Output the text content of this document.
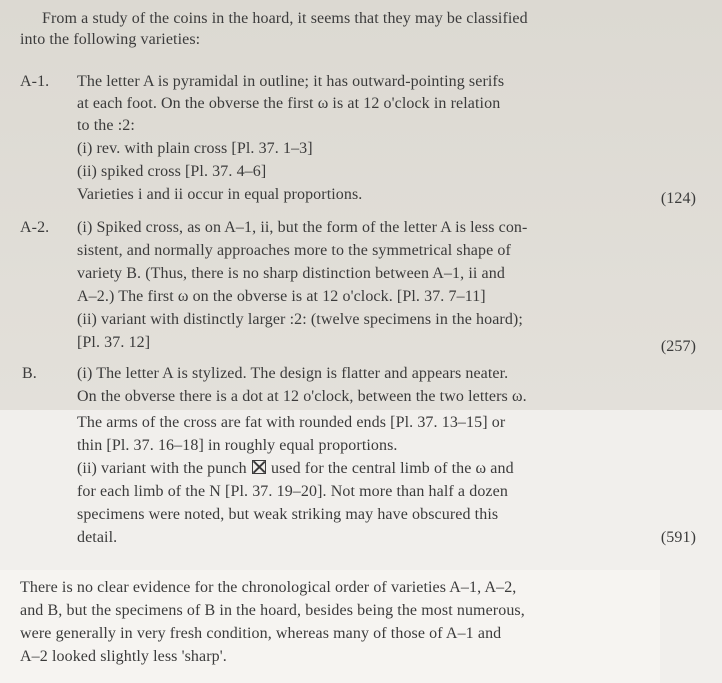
From a study of the coins in the hoard, it seems that they may be classified
into the following varieties:
A-1. The letter A is pyramidal in outline; it has outward-pointing serifs
at each foot. On the obverse the first ω is at 12 o'clock in relation
to the :2:
(i) rev. with plain cross [Pl. 37. 1–3]
(ii) spiked cross [Pl. 37. 4–6]
Varieties i and ii occur in equal proportions.	(124)
A-2. (i) Spiked cross, as on A–1, ii, but the form of the letter A is less con-
sistent, and normally approaches more to the symmetrical shape of
variety B. (Thus, there is no sharp distinction between A–1, ii and
A–2.) The first ω on the obverse is at 12 o'clock. [Pl. 37. 7–11]
(ii) variant with distinctly larger :2: (twelve specimens in the hoard);
[Pl. 37. 12]	(257)
B.	(i) The letter A is stylized. The design is flatter and appears neater.
On the obverse there is a dot at 12 o'clock, between the two letters ω.
The arms of the cross are fat with rounded ends [Pl. 37. 13–15] or
thin [Pl. 37. 16–18] in roughly equal proportions.
(ii) variant with the punch used for the central limb of the ω and
for each limb of the N [Pl. 37. 19–20]. Not more than half a dozen
specimens were noted, but weak striking may have obscured this
detail.	(591)
There is no clear evidence for the chronological order of varieties A–1, A–2,
and B, but the specimens of B in the hoard, besides being the most numerous,
were generally in very fresh condition, whereas many of those of A–1 and
A–2 looked slightly less 'sharp'.
